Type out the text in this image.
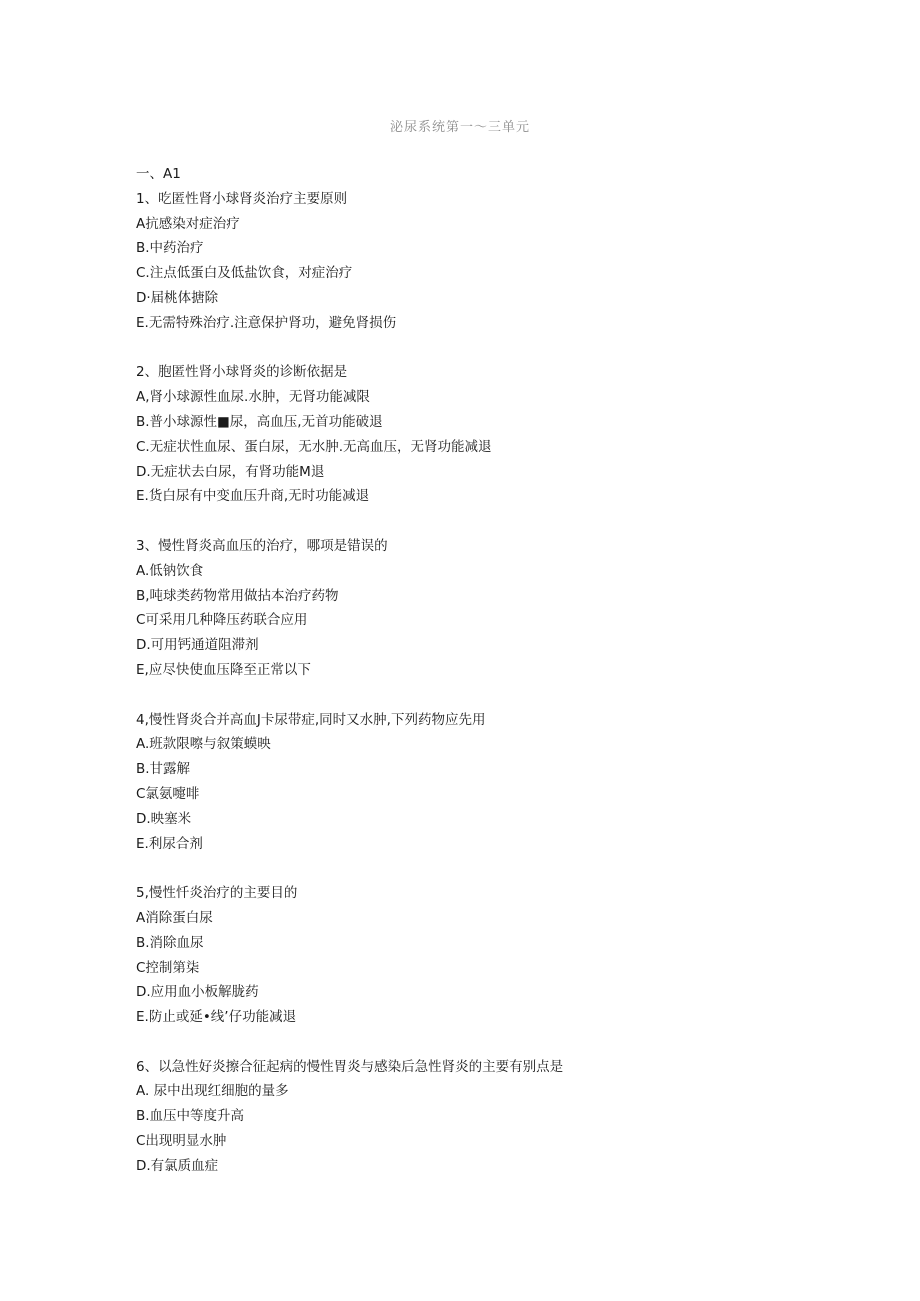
泌尿系统第一～三单元
一、A1
1、吃匿性肾小球肾炎治疗主要原则
A抗感染对症治疗
B.中药治疗
C.注点低蛋白及低盐饮食，对症治疗
D·届桃体搪除
E.无需特殊治疗.注意保护肾功，避免肾损伤
2、胞匿性肾小球肾炎的诊断依据是
A,肾小球源性血尿.水肿，无肾功能减限
B.普小球源性■尿，高血压,无首功能破退
C.无症状性血尿、蛋白尿，无水肿.无高血压，无肾功能减退
D.无症状去白尿，有肾功能M退
E.货白尿有中变血压升商,无时功能减退
3、慢性肾炎高血压的治疗，哪项是错误的
A.低钠饮食
B,吨球类药物常用做拈本治疗药物
C可采用几种降压药联合应用
D.可用钙通道阻滞剂
E,应尽快使血压降至正常以下
4,慢性肾炎合并高血J卡尿带症,同时又水肿,下列药物应先用
A.班款限嚓与叙策蟆映
B.甘露解
C氯氨嚏啡
D.映塞米
E.利尿合剂
5,慢性忏炎治疗的主要目的
A消除蛋白尿
B.消除血尿
C控制第柒
D.应用血小板解胧药
E.防止或延•线’仔功能减退
6、以急性好炎擦合征起病的慢性胃炎与感染后急性肾炎的主要有别点是
A. 尿中出现红细胞的量多
B.血压中等度升高
C出现明显水肿
D.有氯质血症
